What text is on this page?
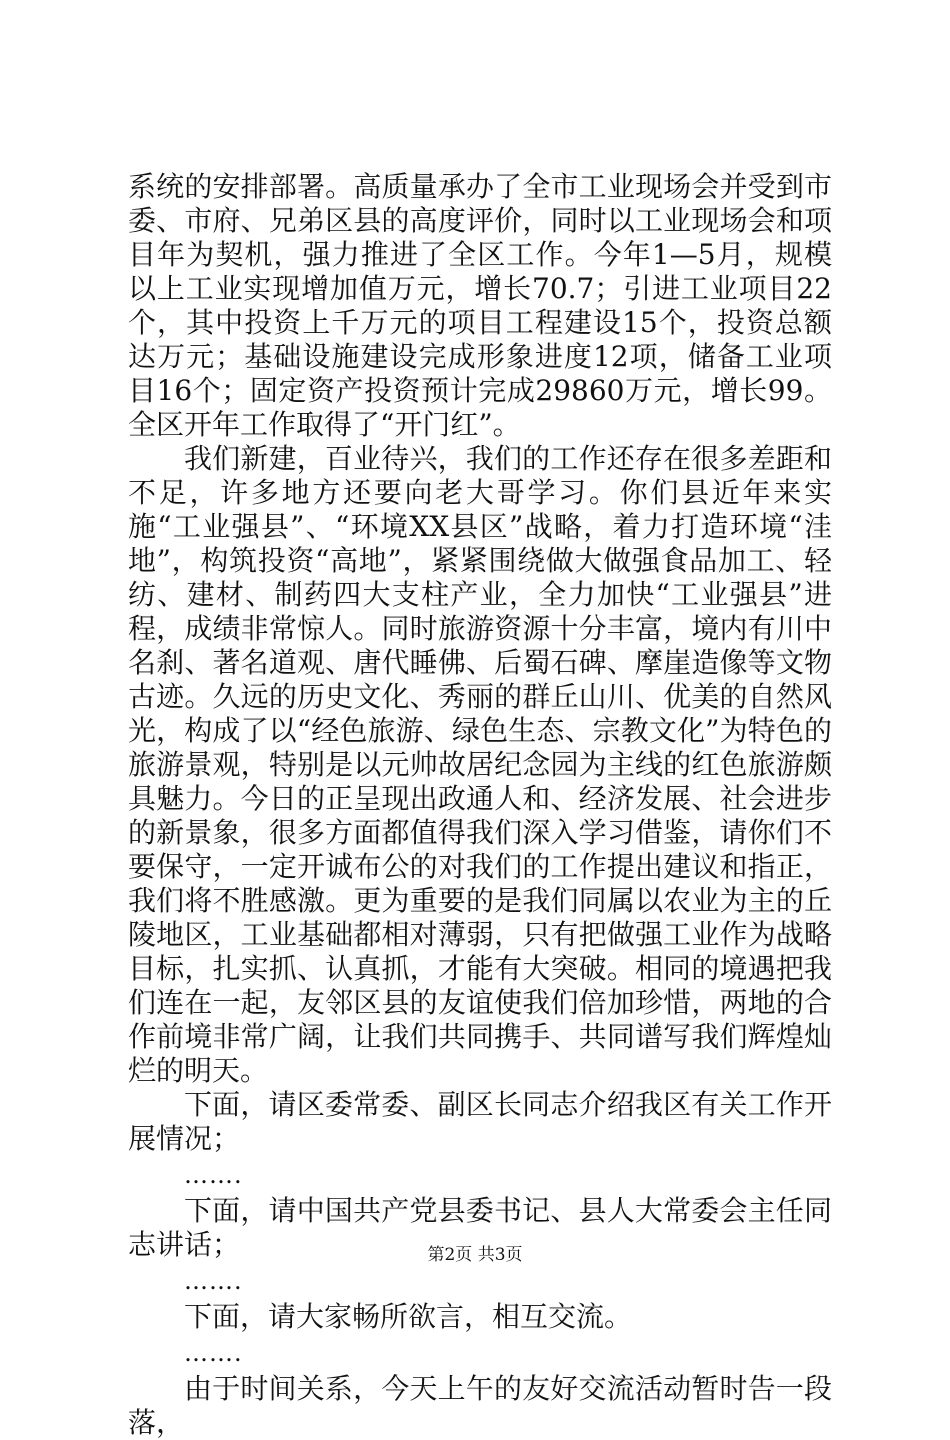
系统的安排部署。高质量承办了全市工业现场会并受到市委、市府、兄弟区县的高度评价，同时以工业现场会和项目年为契机，强力推进了全区工作。今年1—5月，规模以上工业实现增加值万元，增长70.7；引进工业项目22个，其中投资上千万元的项目工程建设15个，投资总额达万元；基础设施建设完成形象进度12项，储备工业项目16个；固定资产投资预计完成29860万元，增长99。全区开年工作取得了“开门红”。

我们新建，百业待兴，我们的工作还存在很多差距和不足，许多地方还要向老大哥学习。你们县近年来实施“工业强县”、“环境XX县区”战略，着力打造环境“洼地”，构筑投资“高地”，紧紧围绕做大做强食品加工、轻纺、建材、制药四大支柱产业，全力加快“工业强县”进程，成绩非常惊人。同时旅游资源十分丰富，境内有川中名刹、著名道观、唐代睡佛、后蜀石碑、摩崖造像等文物古迹。久远的历史文化、秀丽的群丘山川、优美的自然风光，构成了以“经色旅游、绿色生态、宗教文化”为特色的旅游景观，特别是以元帅故居纪念园为主线的红色旅游颇具魅力。今日的正呈现出政通人和、经济发展、社会进步的新景象，很多方面都值得我们深入学习借鉴，请你们不要保守，一定开诚布公的对我们的工作提出建议和指正，我们将不胜感激。更为重要的是我们同属以农业为主的丘陵地区，工业基础都相对薄弱，只有把做强工业作为战略目标，扎实抓、认真抓，才能有大突破。相同的境遇把我们连在一起，友邻区县的友谊使我们倍加珍惜，两地的合作前境非常广阔，让我们共同携手、共同谱写我们辉煌灿烂的明天。

下面，请区委常委、副区长同志介绍我区有关工作开展情况；

…….

下面，请中国共产党县委书记、县人大常委会主任同志讲话；

…….

下面，请大家畅所欲言，相互交流。

…….

由于时间关系，今天上午的友好交流活动暂时告一段落，

第2页 共3页
